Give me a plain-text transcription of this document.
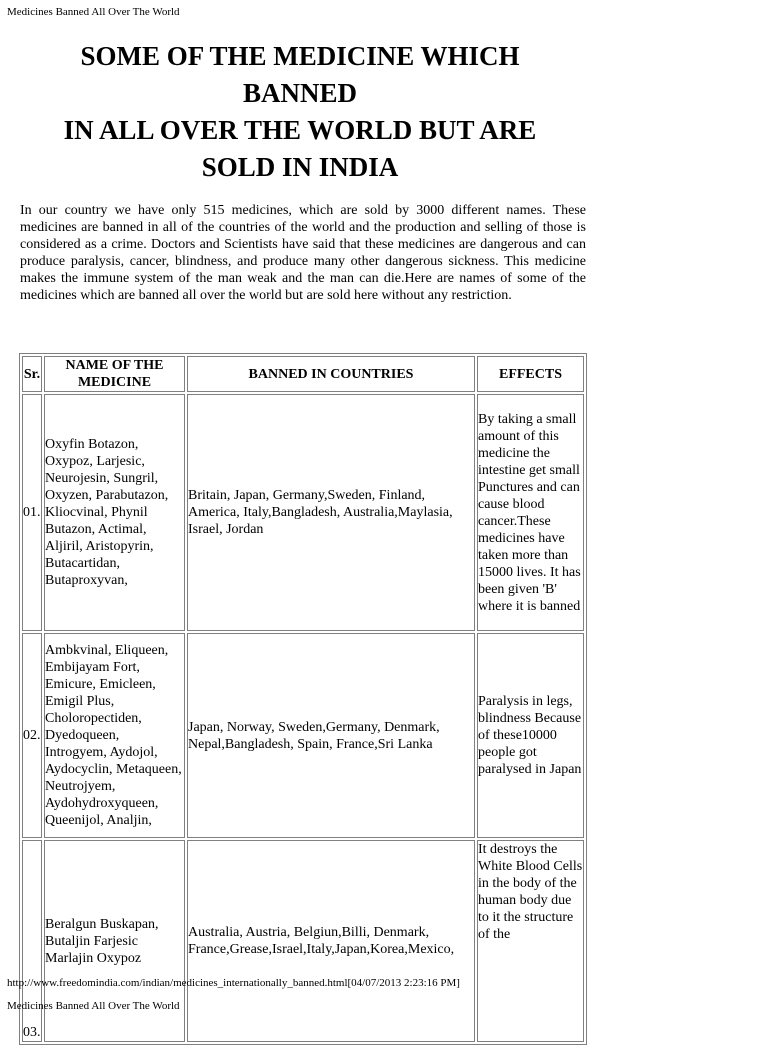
Medicines Banned All Over The World
SOME OF THE MEDICINE WHICH
BANNED
IN ALL OVER THE WORLD BUT ARE
SOLD IN INDIA

In our country we have only 515 medicines, which are sold by 3000 different names. These medicines are banned in all of the countries of the world and the production and selling of those is considered as a crime. Doctors and Scientists have said that these medicines are dangerous and can produce paralysis, cancer, blindness, and produce many other dangerous sickness. This medicine makes the immune system of the man weak and the man can die.Here are names of some of the medicines which are banned all over the world but are sold here without any restriction.

Sr.	NAME OF THE MEDICINE	BANNED IN COUNTRIES	EFFECTS
01.	Oxyfin Botazon, Oxypoz, Larjesic, Neurojesin, Sungril, Oxyzen, Parabutazon, Kliocvinal, Phynil Butazon, Actimal, Aljiril, Aristopyrin, Butacartidan, Butaproxyvan,	Britain, Japan, Germany,Sweden, Finland, America, Italy,Bangladesh, Australia,Maylasia, Israel, Jordan	By taking a small amount of this medicine the intestine get small Punctures and can cause blood cancer.These medicines have taken more than 15000 lives. It has been given 'B' where it is banned
02.	Ambkvinal, Eliqueen, Embijayam Fort, Emicure, Emicleen, Emigil Plus, Choloropectiden, Dyedoqueen, Introgyem, Aydojol, Aydocyclin, Metaqueen, Neutrojyem, Aydohydroxyqueen, Queenijol, Analjin,	Japan, Norway, Sweden,Germany, Denmark, Nepal,Bangladesh, Spain, France,Sri Lanka	Paralysis in legs, blindness Because of these10000 people got paralysed in Japan
03.	Beralgun Buskapan, Butaljin Farjesic Marlajin Oxypoz	Australia, Austria, Belgiun,Billi, Denmark, France,Grease,Israel,Italy,Japan,Korea,Mexico,	It destroys the White Blood Cells in the body of the human body due to it the structure of the
http://www.freedomindia.com/indian/medicines_internationally_banned.html[04/07/2013 2:23:16 PM]
Medicines Banned All Over The World
